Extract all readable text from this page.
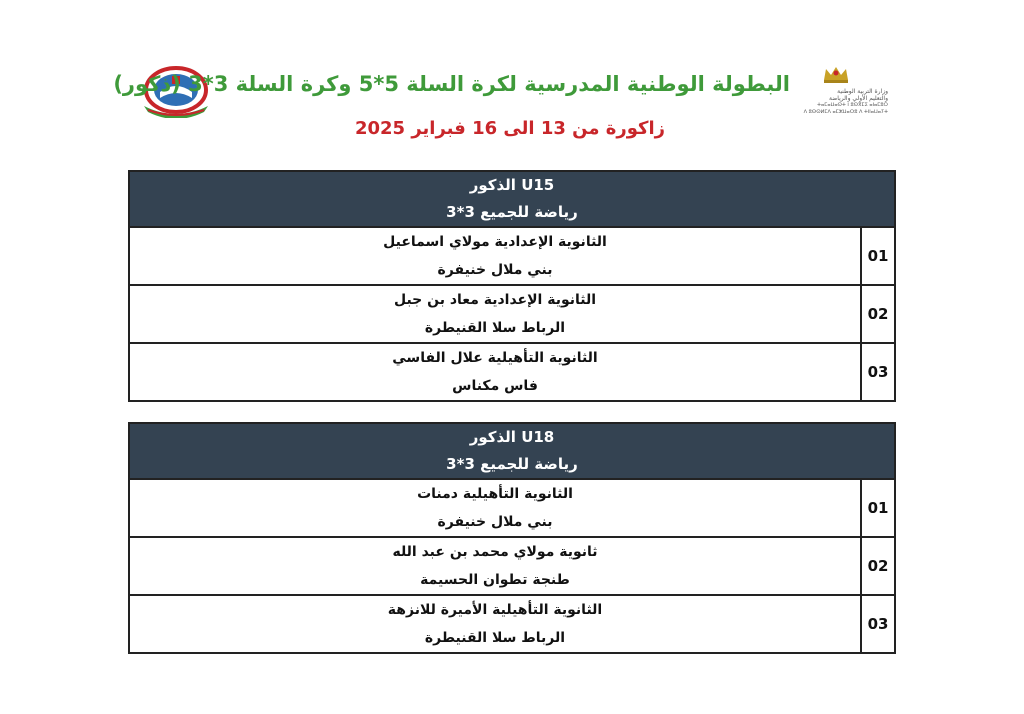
وزارة التربية الوطنية
والتعليم الأولي والرياضة
ⵜⴰⵎⴰⵡⴰⵙⵜ ⵏ ⵓⵙⴳⵎⵉ ⴰⵏⴰⵎⵓⵔ
ⴷ ⵓⵙⵙⵍⵎⴷ ⴰⵎⵣⵡⴰⵔⵓ ⴷ ⵜⵏⵏⴰⵡⴰⵢⵜ
البطولة الوطنية المدرسية لكرة السلة 5*5 وكرة السلة 3*3 (ذكور)
زاكورة من 13 الى 16 فبراير 2025
U15 الذكور
رياضة للجميع 3*3
الثانوية الإعدادية مولاي اسماعيل
بني ملال خنيفرة
01
الثانوية الإعدادية معاد بن جبل
الرباط سلا القنيطرة
02
الثانوية التأهيلية علال الفاسي
فاس مكناس
03
U18 الذكور
رياضة للجميع 3*3
الثانوية التأهيلية دمنات
بني ملال خنيفرة
01
ثانوية مولاي محمد بن عبد الله
طنجة تطوان الحسيمة
02
الثانوية التأهيلية الأميرة للانزهة
الرباط سلا القنيطرة
03
